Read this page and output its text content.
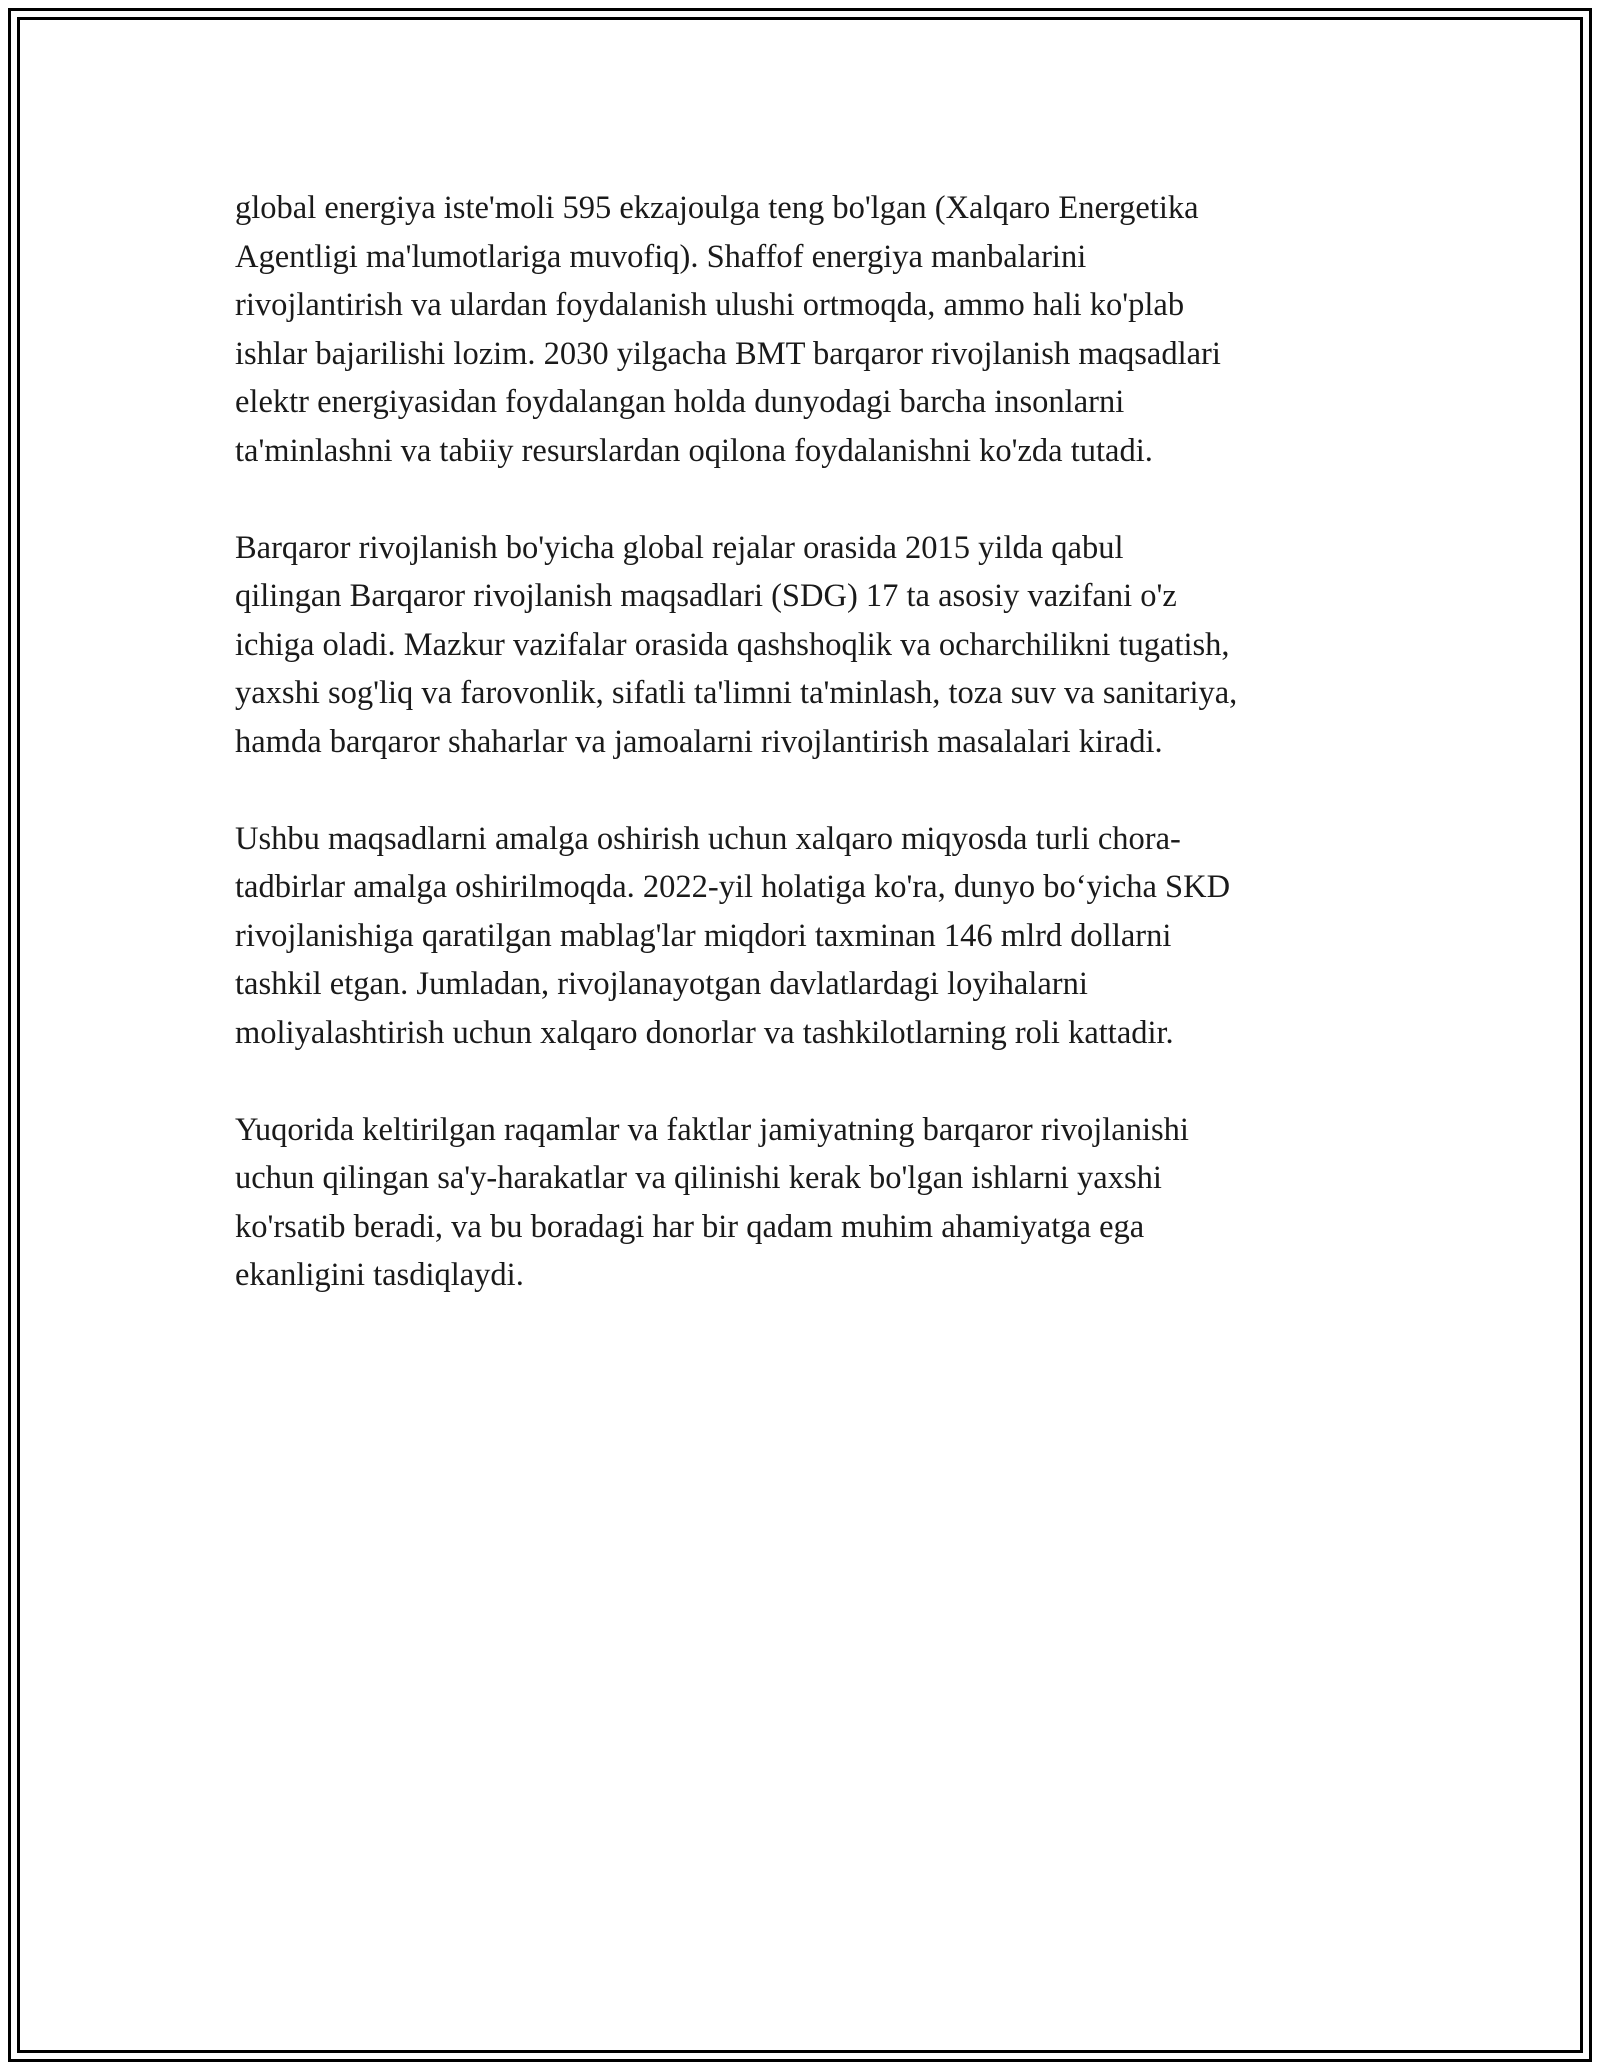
global energiya iste'moli 595 ekzajoulga teng bo'lgan (Xalqaro Energetika
Agentligi ma'lumotlariga muvofiq). Shaffof energiya manbalarini
rivojlantirish va ulardan foydalanish ulushi ortmoqda, ammo hali ko'plab
ishlar bajarilishi lozim. 2030 yilgacha BMT barqaror rivojlanish maqsadlari
elektr energiyasidan foydalangan holda dunyodagi barcha insonlarni
ta'minlashni va tabiiy resurslardan oqilona foydalanishni ko'zda tutadi.

Barqaror rivojlanish bo'yicha global rejalar orasida 2015 yilda qabul
qilingan Barqaror rivojlanish maqsadlari (SDG) 17 ta asosiy vazifani o'z
ichiga oladi. Mazkur vazifalar orasida qashshoqlik va ocharchilikni tugatish,
yaxshi sog'liq va farovonlik, sifatli ta'limni ta'minlash, toza suv va sanitariya,
hamda barqaror shaharlar va jamoalarni rivojlantirish masalalari kiradi.

Ushbu maqsadlarni amalga oshirish uchun xalqaro miqyosda turli chora-
tadbirlar amalga oshirilmoqda. 2022-yil holatiga ko'ra, dunyo bo‘yicha SKD
rivojlanishiga qaratilgan mablag'lar miqdori taxminan 146 mlrd dollarni
tashkil etgan. Jumladan, rivojlanayotgan davlatlardagi loyihalarni
moliyalashtirish uchun xalqaro donorlar va tashkilotlarning roli kattadir.

Yuqorida keltirilgan raqamlar va faktlar jamiyatning barqaror rivojlanishi
uchun qilingan sa'y-harakatlar va qilinishi kerak bo'lgan ishlarni yaxshi
ko'rsatib beradi, va bu boradagi har bir qadam muhim ahamiyatga ega
ekanligini tasdiqlaydi.
